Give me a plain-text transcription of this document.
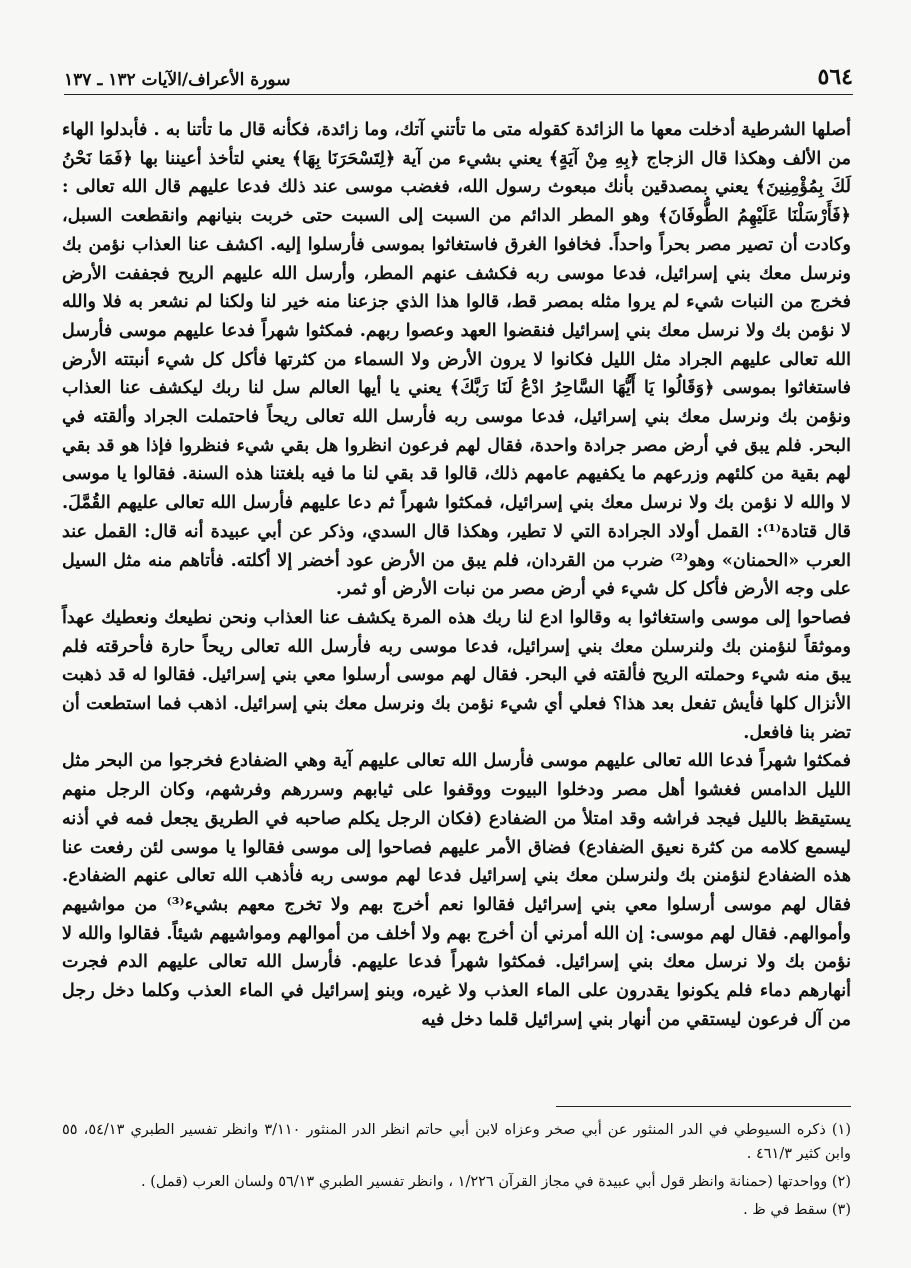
٥٦٤
سورة الأعراف/الآيات ١٣٢ ـ ١٣٧

أصلها الشرطية أدخلت معها ما الزائدة كقوله متى ما تأتني آتك، وما زائدة، فكأنه قال ما تأتنا به . فأبدلوا الهاء من الألف وهكذا قال الزجاج ﴿بِهِ مِنْ آيَةٍ﴾ يعني بشيء من آية ﴿لِتَسْحَرَنَا بِهَا﴾ يعني لتأخذ أعيننا بها ﴿فَمَا نَحْنُ لَكَ بِمُؤْمِنِينَ﴾ يعني بمصدقين بأنك مبعوث رسول الله، فغضب موسى عند ذلك فدعا عليهم قال الله تعالى : ﴿فَأَرْسَلْنَا عَلَيْهِمُ الطُّوفَانَ﴾ وهو المطر الدائم من السبت إلى السبت حتى خربت بنيانهم وانقطعت السبل، وكادت أن تصير مصر بحراً واحداً. فخافوا الغرق فاستغاثوا بموسى فأرسلوا إليه. اكشف عنا العذاب نؤمن بك ونرسل معك بني إسرائيل، فدعا موسى ربه فكشف عنهم المطر، وأرسل الله عليهم الريح فجففت الأرض فخرج من النبات شيء لم يروا مثله بمصر قط، قالوا هذا الذي جزعنا منه خير لنا ولكنا لم نشعر به فلا والله لا نؤمن بك ولا نرسل معك بني إسرائيل فنقضوا العهد وعصوا ربهم. فمكثوا شهراً فدعا عليهم موسى فأرسل الله تعالى عليهم الجراد مثل الليل فكانوا لا يرون الأرض ولا السماء من كثرتها فأكل كل شيء أنبتته الأرض فاستغاثوا بموسى ﴿وَقَالُوا يَا أَيُّهَا السَّاحِرُ ادْعُ لَنَا رَبَّكَ﴾ يعني يا أيها العالم سل لنا ربك ليكشف عنا العذاب ونؤمن بك ونرسل معك بني إسرائيل، فدعا موسى ربه فأرسل الله تعالى ريحاً فاحتملت الجراد وألقته في البحر. فلم يبق في أرض مصر جرادة واحدة، فقال لهم فرعون انظروا هل بقي شيء فنظروا فإذا هو قد بقي لهم بقية من كلئهم وزرعهم ما يكفيهم عامهم ذلك، قالوا قد بقي لنا ما فيه بلغتنا هذه السنة. فقالوا يا موسى لا والله لا نؤمن بك ولا نرسل معك بني إسرائيل، فمكثوا شهراً ثم دعا عليهم فأرسل الله تعالى عليهم القُمَّلَ. قال قتادة⁽¹⁾: القمل أولاد الجرادة التي لا تطير، وهكذا قال السدي، وذكر عن أبي عبيدة أنه قال: القمل عند العرب «الحمنان» وهو⁽²⁾ ضرب من القردان، فلم يبق من الأرض عود أخضر إلا أكلته. فأتاهم منه مثل السيل على وجه الأرض فأكل كل شيء في أرض مصر من نبات الأرض أو ثمر.

فصاحوا إلى موسى واستغاثوا به وقالوا ادع لنا ربك هذه المرة يكشف عنا العذاب ونحن نطيعك ونعطيك عهداً وموثقاً لنؤمنن بك ولنرسلن معك بني إسرائيل، فدعا موسى ربه فأرسل الله تعالى ريحاً حارة فأحرقته فلم يبق منه شيء وحملته الريح فألقته في البحر. فقال لهم موسى أرسلوا معي بني إسرائيل. فقالوا له قد ذهبت الأنزال كلها فأيش تفعل بعد هذا؟ فعلي أي شيء نؤمن بك ونرسل معك بني إسرائيل. اذهب فما استطعت أن تضر بنا فافعل.

فمكثوا شهراً فدعا الله تعالى عليهم موسى فأرسل الله تعالى عليهم آية وهي الضفادع فخرجوا من البحر مثل الليل الدامس فغشوا أهل مصر ودخلوا البيوت ووقفوا على ثيابهم وسررهم وفرشهم، وكان الرجل منهم يستيقظ بالليل فيجد فراشه وقد امتلأ من الضفادع (فكان الرجل يكلم صاحبه في الطريق يجعل فمه في أذنه ليسمع كلامه من كثرة نعيق الضفادع) فضاق الأمر عليهم فصاحوا إلى موسى فقالوا يا موسى لئن رفعت عنا هذه الضفادع لنؤمنن بك ولنرسلن معك بني إسرائيل فدعا لهم موسى ربه فأذهب الله تعالى عنهم الضفادع. فقال لهم موسى أرسلوا معي بني إسرائيل فقالوا نعم أخرج بهم ولا تخرج معهم بشيء⁽³⁾ من مواشيهم وأموالهم. فقال لهم موسى: إن الله أمرني أن أخرج بهم ولا أخلف من أموالهم ومواشيهم شيئاً. فقالوا والله لا نؤمن بك ولا نرسل معك بني إسرائيل. فمكثوا شهراً فدعا عليهم. فأرسل الله تعالى عليهم الدم فجرت أنهارهم دماء فلم يكونوا يقدرون على الماء العذب ولا غيره، وبنو إسرائيل في الماء العذب وكلما دخل رجل من آل فرعون ليستقي من أنهار بني إسرائيل قلما دخل فيه

(١) ذكره السيوطي في الدر المنثور عن أبي صخر وعزاه لابن أبي حاتم انظر الدر المنثور ٣/١١٠ وانظر تفسير الطبري ٥٤/١٣، ٥٥ وابن كثير ٤٦١/٣ .

(٢) وواحدتها (حمنانة وانظر قول أبي عبيدة في مجاز القرآن ١/٢٢٦ ، وانظر تفسير الطبري ٥٦/١٣ ولسان العرب (قمل) .

(٣) سقط في ظ .
